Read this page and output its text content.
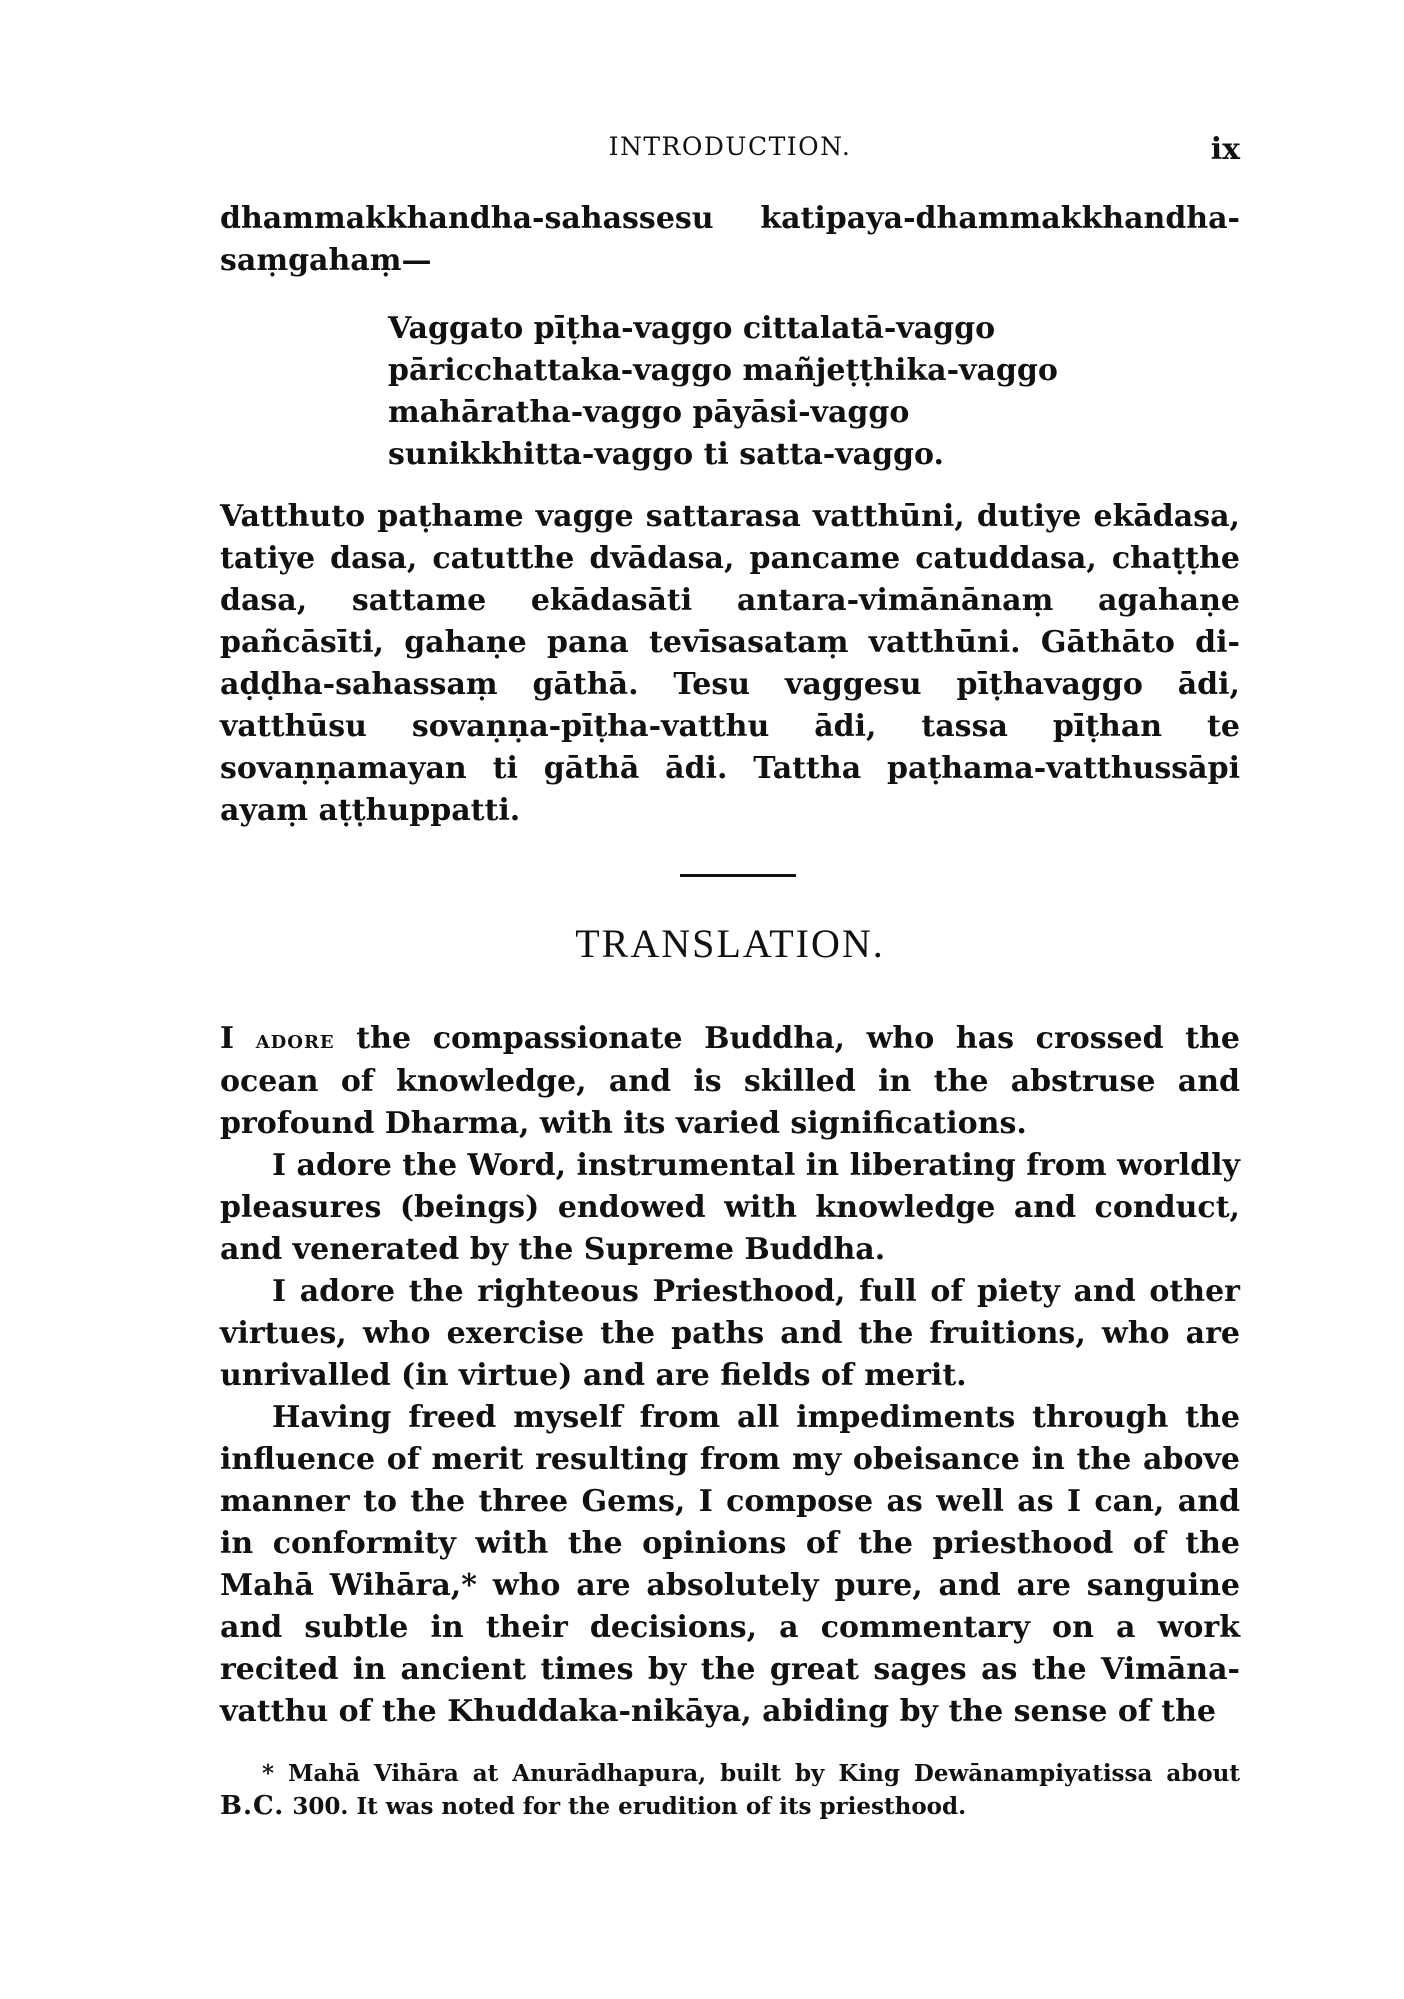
INTRODUCTION.	ix
dhammakkhandha-sahassesu katipaya-dhammakkhandha-saṃgahaṃ—
Vaggato pīṭha-vaggo cittalatā-vaggo
pāricchattaka-vaggo mañjeṭṭhika-vaggo
mahāratha-vaggo pāyāsi-vaggo
sunikkhitta-vaggo ti satta-vaggo.
Vatthuto paṭhame vagge sattarasa vatthūni, dutiye ekādasa, tatiye dasa, catutthe dvādasa, pancame catuddasa, chaṭṭhe dasa, sattame ekādasāti antara-vimānānaṃ agahaṇe pañcāsīti, gahaṇe pana tevīsasataṃ vatthūni. Gāthāto di-aḍḍha-sahassaṃ gāthā. Tesu vaggesu pīṭhavaggo ādi, vatthūsu sovaṇṇa-pīṭha-vatthu ādi, tassa pīṭhan te sovaṇṇamayan ti gāthā ādi. Tattha paṭhama-vatthussāpi ayaṃ aṭṭhuppatti.
TRANSLATION.

I adore the compassionate Buddha, who has crossed the ocean of knowledge, and is skilled in the abstruse and profound Dharma, with its varied significations.

I adore the Word, instrumental in liberating from worldly pleasures (beings) endowed with knowledge and conduct, and venerated by the Supreme Buddha.

I adore the righteous Priesthood, full of piety and other virtues, who exercise the paths and the fruitions, who are unrivalled (in virtue) and are fields of merit.

Having freed myself from all impediments through the influence of merit resulting from my obeisance in the above manner to the three Gems, I compose as well as I can, and in conformity with the opinions of the priesthood of the Mahā Wihāra,* who are absolutely pure, and are sanguine and subtle in their decisions, a commentary on a work recited in ancient times by the great sages as the Vimāna-vatthu of the Khuddaka-nikāya, abiding by the sense of the

* Mahā Vihāra at Anurādhapura, built by King Dewānampiyatissa about B.C. 300. It was noted for the erudition of its priesthood.
